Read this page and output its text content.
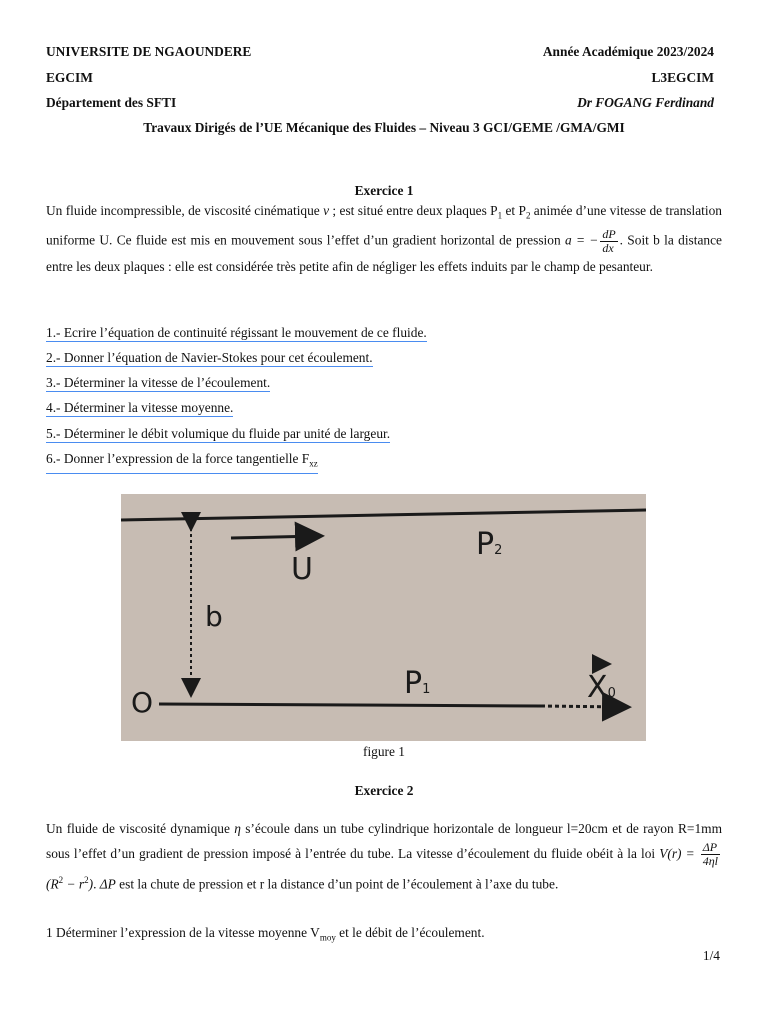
UNIVERSITE DE NGAOUNDERE	Année Académique 2023/2024
EGCIM	L3EGCIM
Département des SFTI	Dr FOGANG Ferdinand
Travaux Dirigés de l’UE Mécanique des Fluides – Niveau 3 GCI/GEME /GMA/GMI
Exercice 1
Un fluide incompressible, de viscosité cinématique ν ; est situé entre deux plaques $P_1$ et $P_2$ animée d’une vitesse de translation uniforme U. Ce fluide est mis en mouvement sous l’effet d’un gradient horizontal de pression a = − $\frac{dP}{dx}$ . Soit b la distance entre les deux plaques : elle est considérée très petite afin de négliger les effets induits par le champ de pesanteur.
1.- Ecrire l’équation de continuité régissant le mouvement de ce fluide.
2.- Donner l’équation de Navier-Stokes pour cet écoulement.
3.- Déterminer la vitesse de l’écoulement.
4.- Déterminer la vitesse moyenne.
5.- Déterminer le débit volumique du fluide par unité de largeur.
6.- Donner l’expression de la force tangentielle $F_{xz}$
U
P2
b
O
P1	X0
figure 1
Exercice 2
Un fluide de viscosité dynamique η s’écoule dans un tube cylindrique horizontale de longueur l=20cm et de rayon R=1mm sous l’effet d’un gradient de pression imposé à l’entrée du tube. La vitesse d’écoulement du fluide obéit à la loi $V(r) = \frac{\Delta P}{4\eta l}$
$(R^2 - r^2)$. ΔP est la chute de pression et r la distance d’un point de l’écoulement à l’axe du tube.
1 Déterminer l’expression de la vitesse moyenne $V_{moy}$ et le débit de l’écoulement.
1/4
